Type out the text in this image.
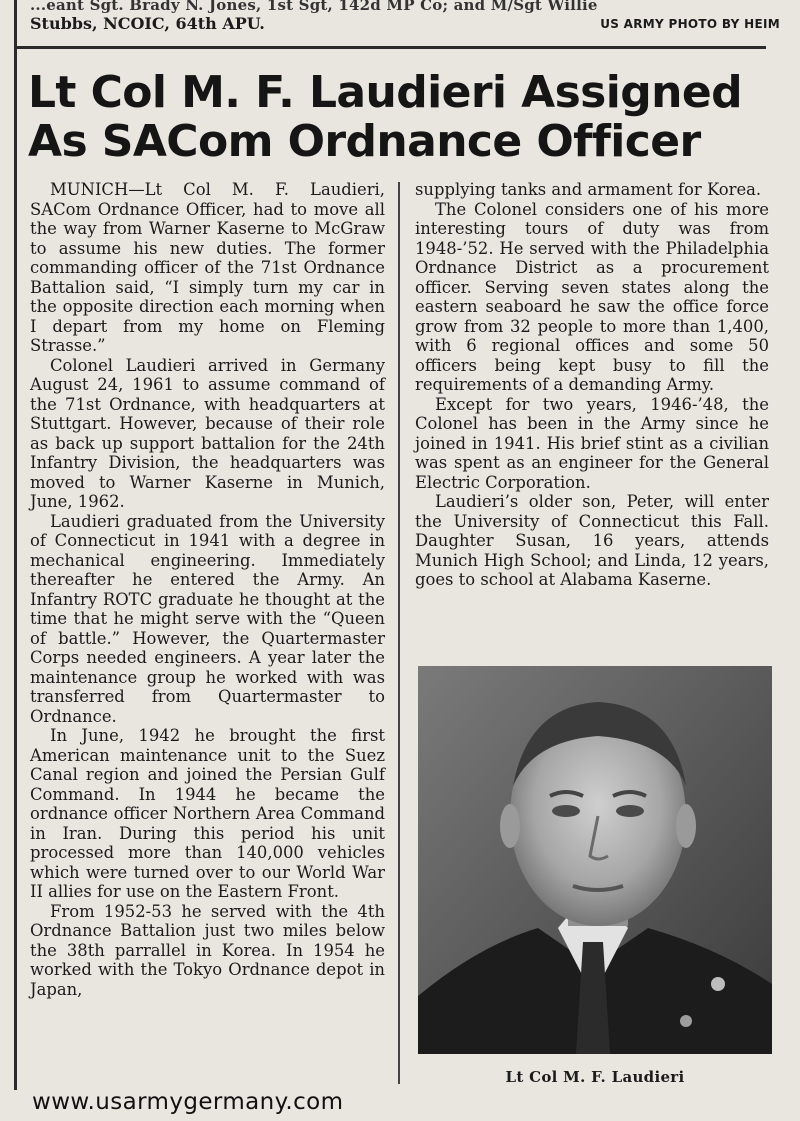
...eant Sgt. Brady N. Jones, 1st Sgt, 142d MP Co; and M/Sgt Willie
Stubbs, NCOIC, 64th APU.	US ARMY PHOTO BY HEIM
Lt Col M. F. Laudieri Assigned
As SACom Ordnance Officer

MUNICH—Lt Col M. F. Laudieri, SACom Ordnance Officer, had to move all the way from Warner Kaserne to McGraw to assume his new duties. The former commanding officer of the 71st Ordnance Battalion said, “I simply turn my car in the opposite direction each morning when I depart from my home on Fleming Strasse.”

Colonel Laudieri arrived in Germany August 24, 1961 to assume command of the 71st Ordnance, with headquarters at Stuttgart. However, because of their role as back up support battalion for the 24th Infantry Division, the headquarters was moved to Warner Kaserne in Munich, June, 1962.

Laudieri graduated from the University of Connecticut in 1941 with a degree in mechanical engineering. Immediately thereafter he entered the Army. An Infantry ROTC graduate he thought at the time that he might serve with the “Queen of battle.” However, the Quartermaster Corps needed engineers. A year later the maintenance group he worked with was transferred from Quartermaster to Ordnance.

In June, 1942 he brought the first American maintenance unit to the Suez Canal region and joined the Persian Gulf Command. In 1944 he became the ordnance officer Northern Area Command in Iran. During this period his unit processed more than 140,000 vehicles which were turned over to our World War II allies for use on the Eastern Front.

From 1952-53 he served with the 4th Ordnance Battalion just two miles below the 38th parrallel in Korea. In 1954 he worked with the Tokyo Ordnance depot in Japan,

supplying tanks and armament for Korea.

The Colonel considers one of his more interesting tours of duty was from 1948-’52. He served with the Philadelphia Ordnance District as a procurement officer. Serving seven states along the eastern seaboard he saw the office force grow from 32 people to more than 1,400, with 6 regional offices and some 50 officers being kept busy to fill the requirements of a demanding Army.

Except for two years, 1946-’48, the Colonel has been in the Army since he joined in 1941. His brief stint as a civilian was spent as an engineer for the General Electric Corporation.

Laudieri’s older son, Peter, will enter the University of Connecticut this Fall. Daughter Susan, 16 years, attends Munich High School; and Linda, 12 years, goes to school at Alabama Kaserne.

Lt Col M. F. Laudieri
www.usarmygermany.com
